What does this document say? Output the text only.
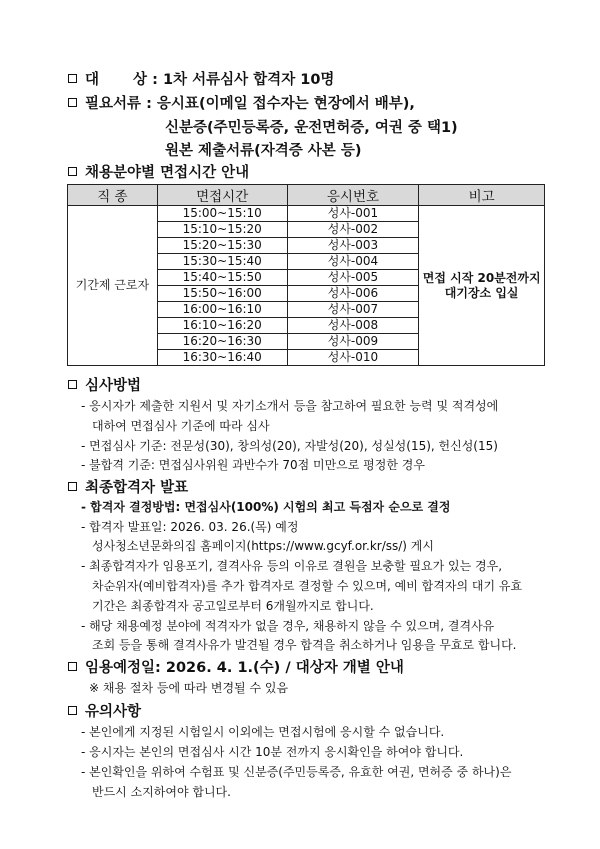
대 　　상 : 1차 서류심사 합격자 10명
필요서류 : 응시표(이메일 접수자는 현장에서 배부),
신분증(주민등록증, 운전면허증, 여권 중 택1)
원본 제출서류(자격증 사본 등)
채용분야별 면접시간 안내
직 종	면접시간	응시번호	비고
기간제 근로자	15:00~15:10	성사-001	면접 시작 20분전까지
대기장소 입실
	15:10~15:20	성사-002	
	15:20~15:30	성사-003	
	15:30~15:40	성사-004	
	15:40~15:50	성사-005	
	15:50~16:00	성사-006	
	16:00~16:10	성사-007	
	16:10~16:20	성사-008	
	16:20~16:30	성사-009	
	16:30~16:40	성사-010	
심사방법
- 응시자가 제출한 지원서 및 자기소개서 등을 참고하여 필요한 능력 및 적격성에
대하여 면접심사 기준에 따라 심사
- 면접심사 기준: 전문성(30), 창의성(20), 자발성(20), 성실성(15), 헌신성(15)
- 불합격 기준: 면접심사위원 과반수가 70점 미만으로 평정한 경우
최종합격자 발표
- 합격자 결정방법: 면접심사(100%) 시험의 최고 득점자 순으로 결정
- 합격자 발표일: 2026. 03. 26.(목) 예정
성사청소년문화의집 홈페이지(https://www.gcyf.or.kr/ss/) 게시
- 최종합격자가 임용포기, 결격사유 등의 이유로 결원을 보충할 필요가 있는 경우,
차순위자(예비합격자)를 추가 합격자로 결정할 수 있으며, 예비 합격자의 대기 유효
기간은 최종합격자 공고일로부터 6개월까지로 합니다.
- 해당 채용예정 분야에 적격자가 없을 경우, 채용하지 않을 수 있으며, 결격사유
조회 등을 통해 결격사유가 발견될 경우 합격을 취소하거나 임용을 무효로 합니다.
임용예정일: 2026. 4. 1.(수) / 대상자 개별 안내
※ 채용 절차 등에 따라 변경될 수 있음
유의사항
- 본인에게 지정된 시험일시 이외에는 면접시험에 응시할 수 없습니다.
- 응시자는 본인의 면접심사 시간 10분 전까지 응시확인을 하여야 합니다.
- 본인확인을 위하여 수험표 및 신분증(주민등록증, 유효한 여권, 면허증 중 하나)은
반드시 소지하여야 합니다.
